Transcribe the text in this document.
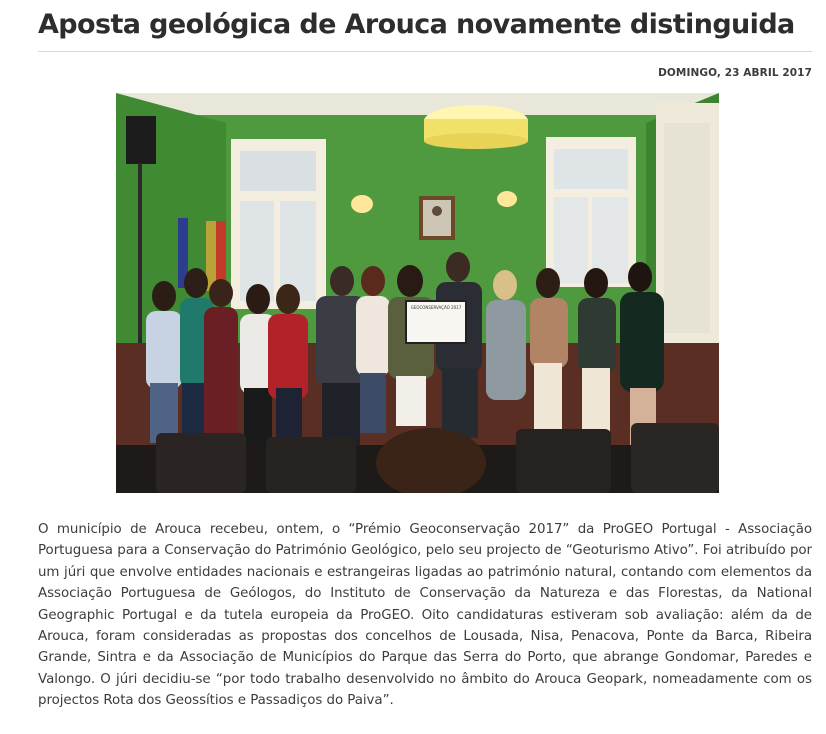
Aposta geológica de Arouca novamente distinguida
DOMINGO, 23 ABRIL 2017
GEOCONSERVAÇÃO 2017

O município de Arouca recebeu, ontem, o “Prémio Geoconservação 2017” da ProGEO Portugal - Associação Portuguesa para a Conservação do Património Geológico, pelo seu projecto de “Geoturismo Ativo”. Foi atribuído por um júri que envolve entidades nacionais e estrangeiras ligadas ao património natural, contando com elementos da Associação Portuguesa de Geólogos, do Instituto de Conservação da Natureza e das Florestas, da National Geographic Portugal e da tutela europeia da ProGEO. Oito candidaturas estiveram sob avaliação: além da de Arouca, foram consideradas as propostas dos concelhos de Lousada, Nisa, Penacova, Ponte da Barca, Ribeira Grande, Sintra e da Associação de Municípios do Parque das Serra do Porto, que abrange Gondomar, Paredes e Valongo. O júri decidiu-se “por todo trabalho desenvolvido no âmbito do Arouca Geopark, nomeadamente com os projectos Rota dos Geossítios e Passadiços do Paiva”.
